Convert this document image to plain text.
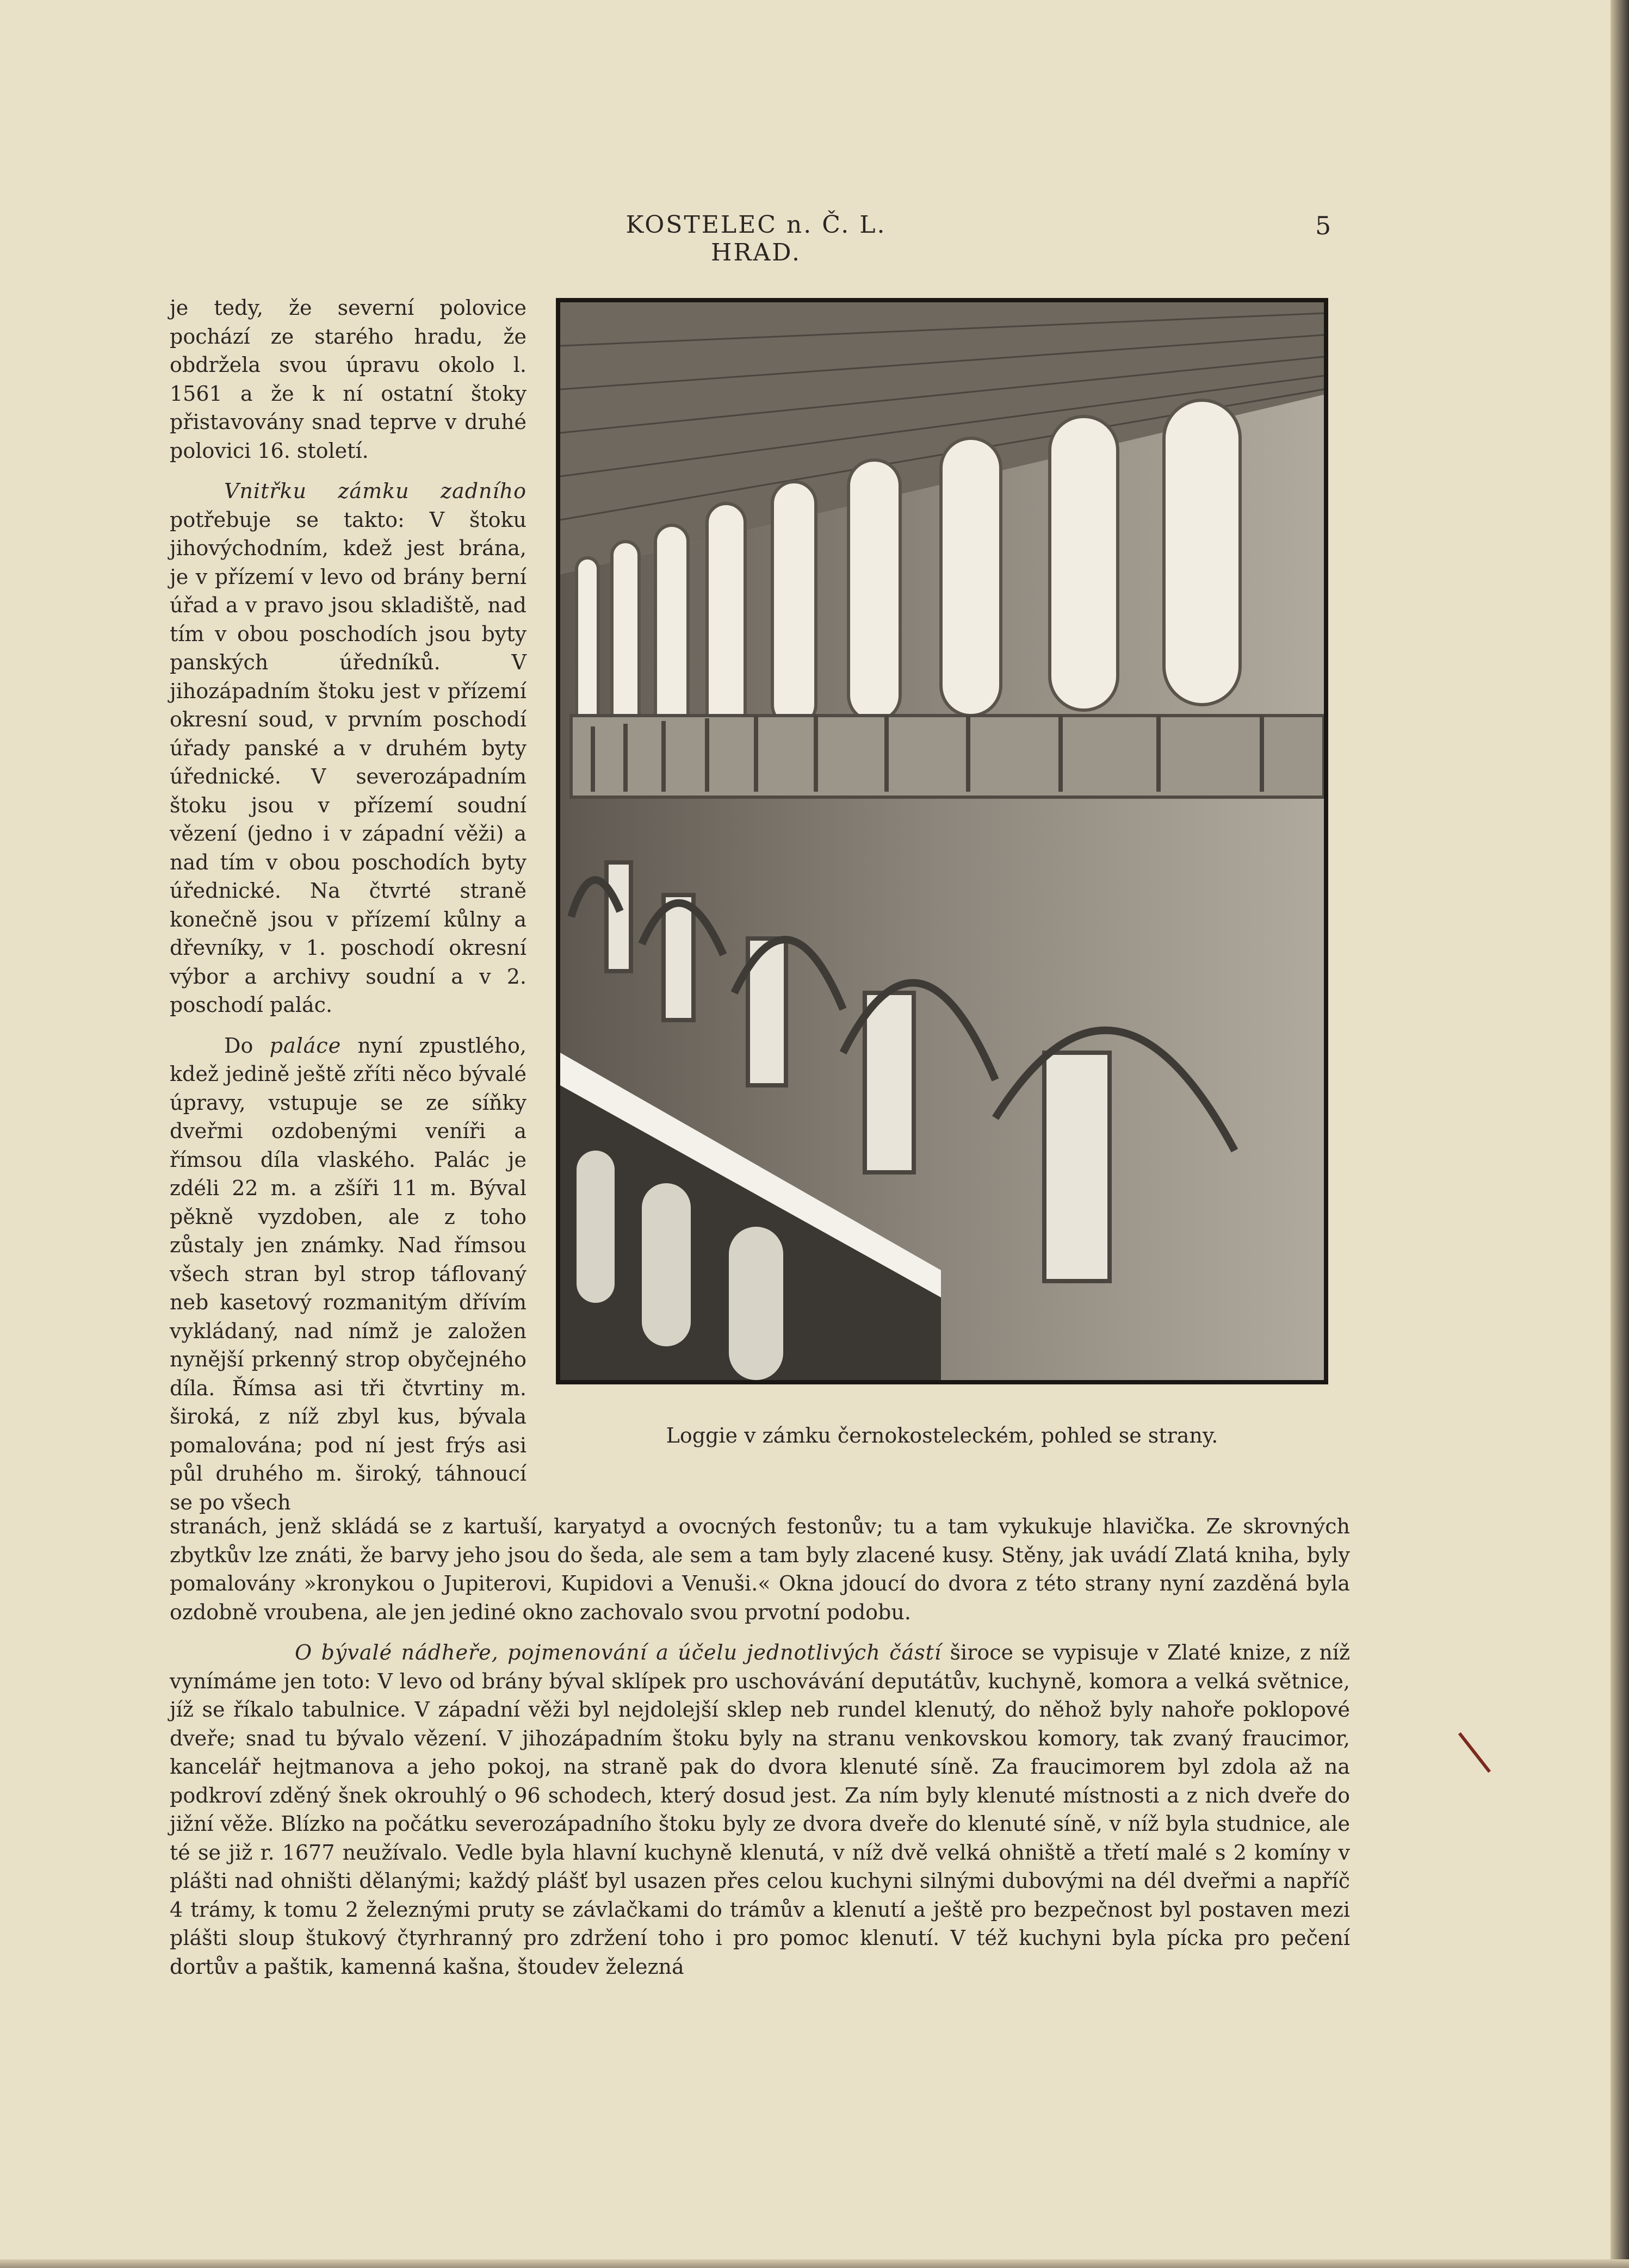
KOSTELEC n. Č. L. HRAD.
5

je tedy, že severní polovice pochází ze starého hradu, že obdržela svou úpravu okolo l. 1561 a že k ní ostatní štoky přistavovány snad teprve v druhé polovici 16. století.

Vnitřku zámku zadního potřebuje se takto: V štoku jihovýchodním, kdež jest brána, je v přízemí v levo od brány berní úřad a v pravo jsou skladiště, nad tím v obou poschodích jsou byty panských úředníků. V jihozápadním štoku jest v přízemí okresní soud, v prvním poschodí úřady panské a v druhém byty úřednické. V severozápadním štoku jsou v přízemí soudní vězení (jedno i v západní věži) a nad tím v obou poschodích byty úřednické. Na čtvrté straně konečně jsou v přízemí kůlny a dřevníky, v 1. poschodí okresní výbor a archivy soudní a v 2. poschodí palác.

Do paláce nyní zpustlého, kdež jedině ještě zříti něco bývalé úpravy, vstupuje se ze síňky dveřmi ozdobenými veníři a římsou díla vlaského. Palác je zdéli 22 m. a zšíři 11 m. Býval pěkně vyzdoben, ale z toho zůstaly jen známky. Nad římsou všech stran byl strop táflovaný neb kasetový rozmanitým dřívím vykládaný, nad nímž je založen nynější prkenný strop obyčejného díla. Římsa asi tři čtvrtiny m. široká, z níž zbyl kus, bývala pomalována; pod ní jest frýs asi půl druhého m. široký, táhnoucí se po všech

Loggie v zámku černokosteleckém, pohled se strany.

stranách, jenž skládá se z kartuší, karyatyd a ovocných festonův; tu a tam vykukuje hlavička. Ze skrovných zbytkův lze znáti, že barvy jeho jsou do šeda, ale sem a tam byly zlacené kusy. Stěny, jak uvádí Zlatá kniha, byly pomalovány »kronykou o Jupiterovi, Kupidovi a Venuši.« Okna jdoucí do dvora z této strany nyní zazděná byla ozdobně vroubena, ale jen jediné okno zachovalo svou prvotní podobu.

O bývalé nádheře, pojmenování a účelu jednotlivých částí široce se vypisuje v Zlaté knize, z níž vynímáme jen toto: V levo od brány býval sklípek pro uschovávání deputátův, kuchyně, komora a velká světnice, jíž se říkalo tabulnice. V západní věži byl nejdolejší sklep neb rundel klenutý, do něhož byly nahoře poklopové dveře; snad tu bývalo vězení. V jihozápadním štoku byly na stranu venkovskou komory, tak zvaný fraucimor, kancelář hejtmanova a jeho pokoj, na straně pak do dvora klenuté síně. Za fraucimorem byl zdola až na podkroví zděný šnek okrouhlý o 96 schodech, který dosud jest. Za ním byly klenuté místnosti a z nich dveře do jižní věže. Blízko na počátku severozápadního štoku byly ze dvora dveře do klenuté síně, v níž byla studnice, ale té se již r. 1677 neužívalo. Vedle byla hlavní kuchyně klenutá, v níž dvě velká ohniště a třetí malé s 2 komíny v plášti nad ohništi dělanými; každý plášť byl usazen přes celou kuchyni silnými dubovými na dél dveřmi a napříč 4 trámy, k tomu 2 železnými pruty se závlačkami do trámův a klenutí a ještě pro bezpečnost byl postaven mezi plášti sloup štukový čtyrhranný pro zdržení toho i pro pomoc klenutí. V též kuchyni byla pícka pro pečení dortův a paštik, kamenná kašna, štoudev železná
